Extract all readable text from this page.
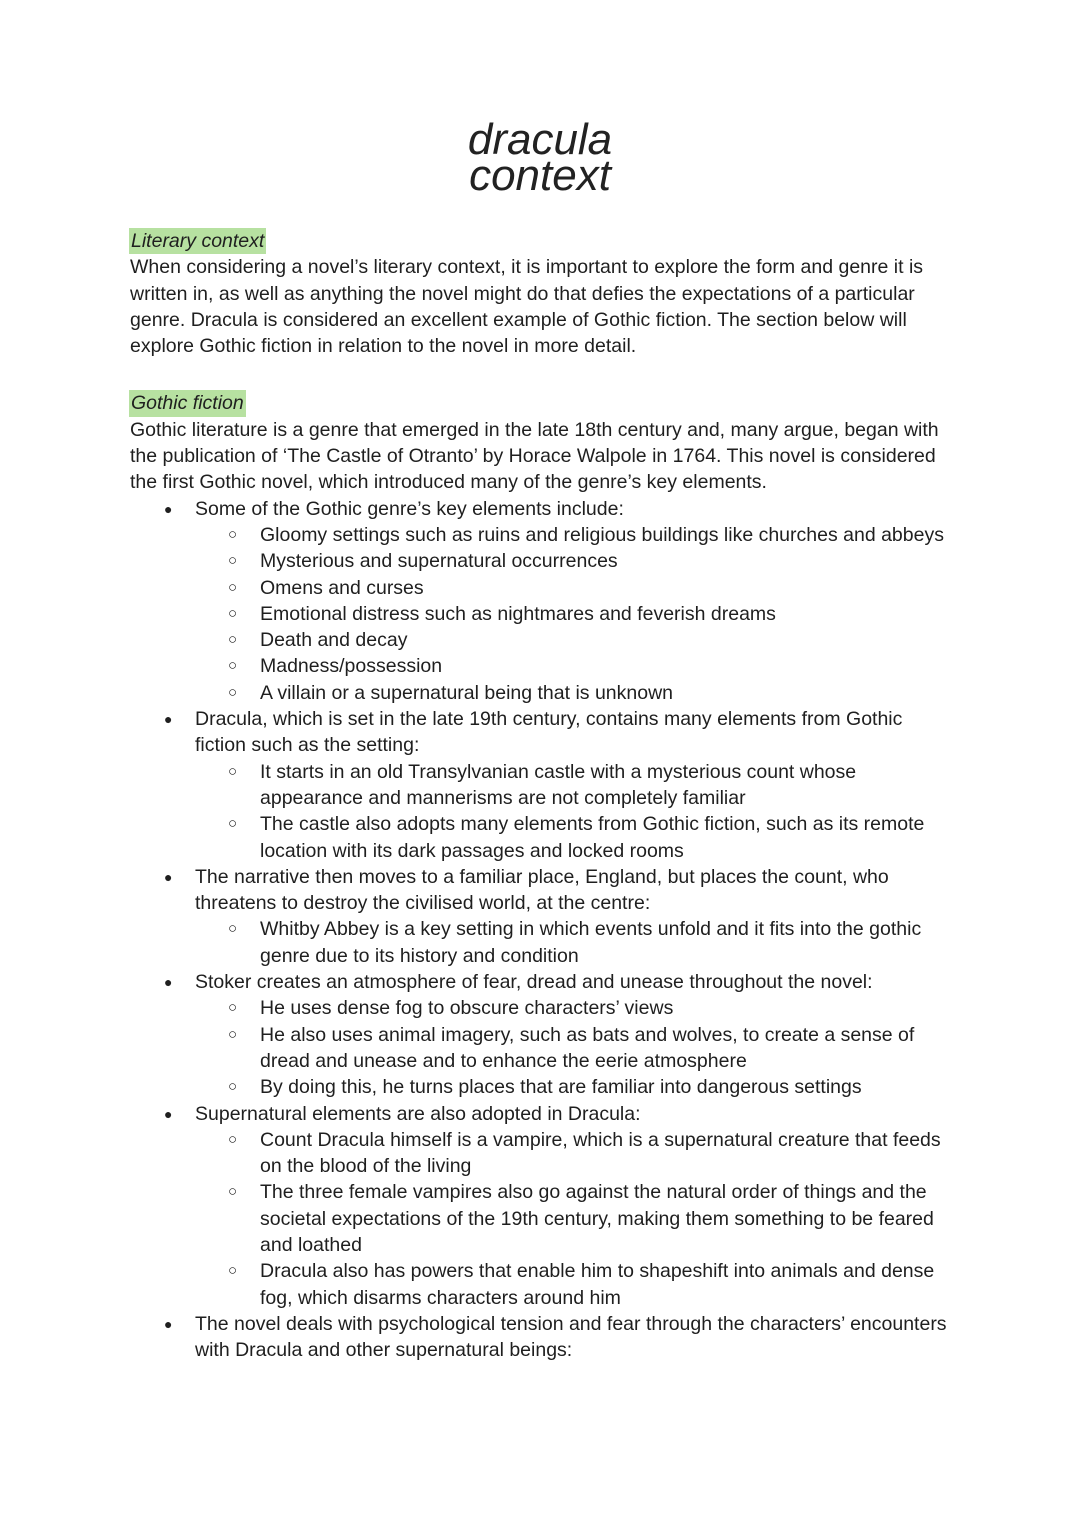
dracula
context
Literary context

When considering a novel’s literary context, it is important to explore the form and genre it is written in, as well as anything the novel might do that defies the expectations of a particular genre. Dracula is considered an excellent example of Gothic fiction. The section below will explore Gothic fiction in relation to the novel in more detail.

Gothic fiction

Gothic literature is a genre that emerged in the late 18th century and, many argue, began with the publication of ‘The Castle of Otranto’ by Horace Walpole in 1764. This novel is considered the first Gothic novel, which introduced many of the genre’s key elements.

● Some of the Gothic genre’s key elements include:
○ Gloomy settings such as ruins and religious buildings like churches and abbeys
○ Mysterious and supernatural occurrences
○ Omens and curses
○ Emotional distress such as nightmares and feverish dreams
○ Death and decay
○ Madness/possession
○ A villain or a supernatural being that is unknown
● Dracula, which is set in the late 19th century, contains many elements from Gothic fiction such as the setting:
○ It starts in an old Transylvanian castle with a mysterious count whose appearance and mannerisms are not completely familiar
○ The castle also adopts many elements from Gothic fiction, such as its remote location with its dark passages and locked rooms
● The narrative then moves to a familiar place, England, but places the count, who threatens to destroy the civilised world, at the centre:
○ Whitby Abbey is a key setting in which events unfold and it fits into the gothic genre due to its history and condition
● Stoker creates an atmosphere of fear, dread and unease throughout the novel:
○ He uses dense fog to obscure characters’ views
○ He also uses animal imagery, such as bats and wolves, to create a sense of dread and unease and to enhance the eerie atmosphere
○ By doing this, he turns places that are familiar into dangerous settings
● Supernatural elements are also adopted in Dracula:
○ Count Dracula himself is a vampire, which is a supernatural creature that feeds on the blood of the living
○ The three female vampires also go against the natural order of things and the societal expectations of the 19th century, making them something to be feared and loathed
○ Dracula also has powers that enable him to shapeshift into animals and dense fog, which disarms characters around him
● The novel deals with psychological tension and fear through the characters’ encounters with Dracula and other supernatural beings:
